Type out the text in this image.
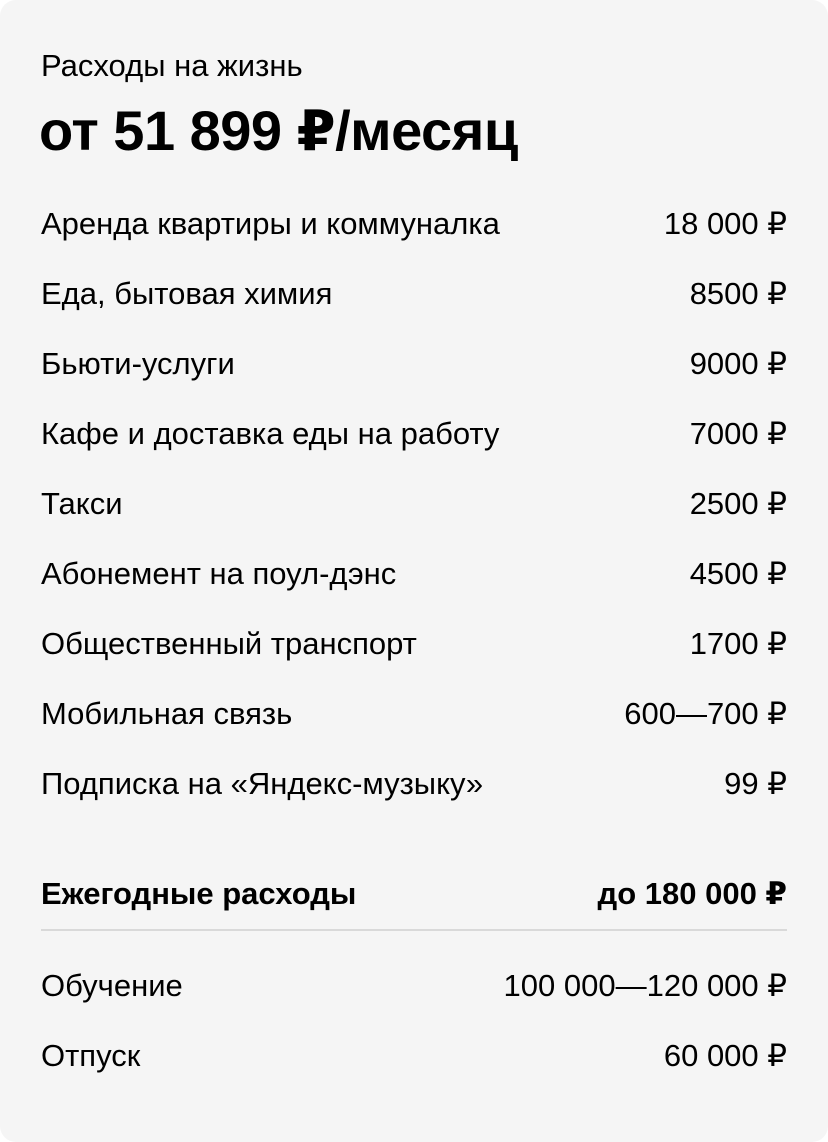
Расходы на жизнь
от 51 899 ₽/месяц
Аренда квартиры и коммуналка	18 000 ₽
Еда, бытовая химия	8500 ₽
Бьюти-услуги	9000 ₽
Кафе и доставка еды на работу	7000 ₽
Такси	2500 ₽
Абонемент на поул-дэнс	4500 ₽
Общественный транспорт	1700 ₽
Мобильная связь	600—700 ₽
Подписка на «Яндекс-музыку»	99 ₽
Ежегодные расходы	до 180 000 ₽
Обучение	100 000—120 000 ₽
Отпуск	60 000 ₽
